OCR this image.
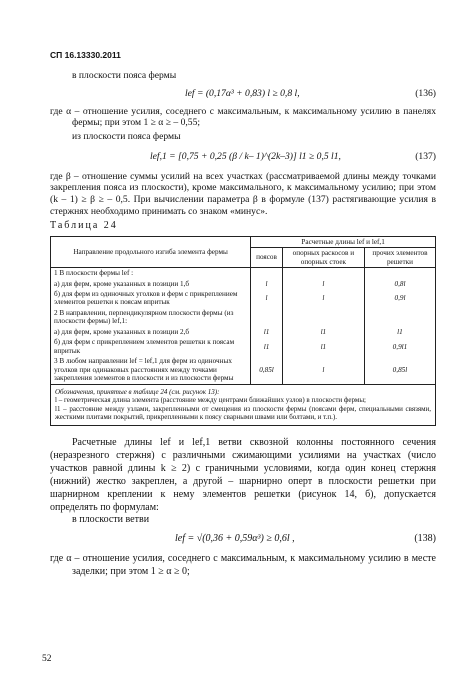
СП 16.13330.2011

в плоскости пояса фермы

lef = (0,17α³ + 0,83) l ≥ 0,8 l,	(136)

где α – отношение усилия, соседнего с максимальным, к максимальному усилию в панелях фермы; при этом 1 ≥ α ≥ – 0,55;

из плоскости пояса фермы

lef,1 = [0,75 + 0,25 (β / k– 1)^(2k–3)] l1 ≥ 0,5 l1,	(137)

где β – отношение суммы усилий на всех участках (рассматриваемой длины между точками закрепления пояса из плоскости), кроме максимального, к максимальному усилию; при этом (k – 1) ≥ β ≥ – 0,5. При вычислении параметра β в формуле (137) растягивающие усилия в стержнях необходимо принимать со знаком «минус».

Таблица 24
Направление продольного изгиба элемента фермы	Расчетные длины lef и lef,1		
	поясов	опорных раскосов и опорных стоек	прочих элементов решетки
1 В плоскости фермы lef :			
а) для ферм, кроме указанных в позиции 1,б	l	l	0,8l
б) для ферм из одиночных уголков и ферм с прикреплением элементов решетки к поясам впритык	l	l	0,9l
2 В направлении, перпендикулярном плоскости фермы (из плоскости фермы) lef,1:			
а) для ферм, кроме указанных в позиции 2,б	l1	l1	l1
б) для ферм с прикреплением элементов решетки к поясам впритык	l1	l1	0,9l1
3 В любом направлении lef = lef,1 для ферм из одиночных уголков при одинаковых расстояниях между точками закрепления элементов в плоскости и из плоскости фермы	0,85l	l	0,85l

Обозначения, принятые в таблице 24 (см. рисунок 13):
l – геометрическая длина элемента (расстояние между центрами ближайших узлов) в плоскости фермы;
l1 – расстояние между узлами, закрепленными от смещения из плоскости фермы (поясами ферм, специальными связями, жесткими плитами покрытий, прикрепленными к поясу сварными швами или болтами, и т.п.).			

Расчетные длины lef и lef,1 ветви сквозной колонны постоянного сечения (неразрезного стержня) с различными сжимающими усилиями на участках (число участков равной длины k ≥ 2) с граничными условиями, когда один конец стержня (нижний) жестко закреплен, а другой – шарнирно оперт в плоскости решетки при шарнирном креплении к нему элементов решетки (рисунок 14, б), допускается определять по формулам:

в плоскости ветви

lef = √(0,36 + 0,59α³) ≥ 0,6l ,	(138)

где α – отношение усилия, соседнего с максимальным, к максимальному усилию в месте заделки; при этом 1 ≥ α ≥ 0;

52
